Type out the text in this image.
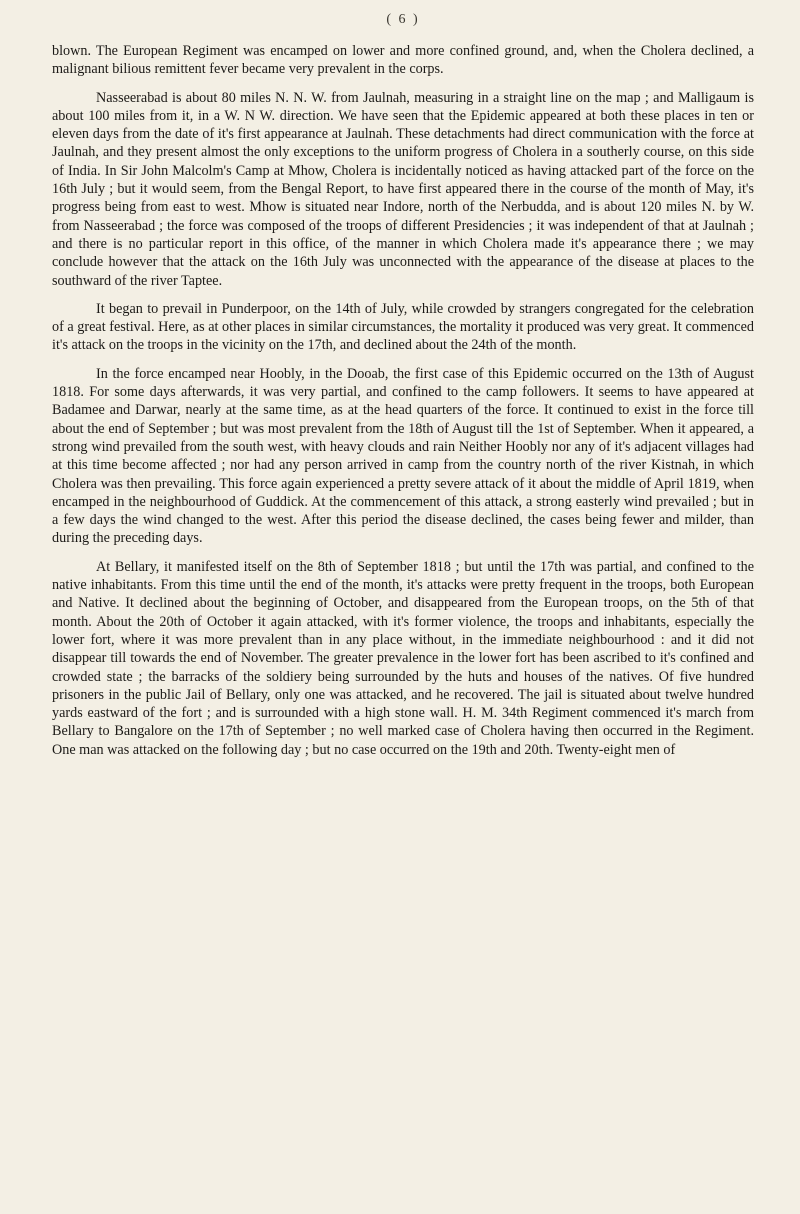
( 6 )

blown. The European Regiment was encamped on lower and more confined ground, and, when the Cholera declined, a malignant bilious remittent fever became very prevalent in the corps.

Nasseerabad is about 80 miles N. N. W. from Jaulnah, measuring in a straight line on the map ; and Malligaum is about 100 miles from it, in a W. N W. direction. We have seen that the Epidemic appeared at both these places in ten or eleven days from the date of it's first appearance at Jaulnah. These detachments had direct communication with the force at Jaulnah, and they present almost the only exceptions to the uniform progress of Cholera in a southerly course, on this side of India. In Sir John Malcolm's Camp at Mhow, Cholera is incidentally noticed as having attacked part of the force on the 16th July ; but it would seem, from the Bengal Report, to have first appeared there in the course of the month of May, it's progress being from east to west. Mhow is situated near Indore, north of the Nerbudda, and is about 120 miles N. by W. from Nasseerabad ; the force was composed of the troops of different Presidencies ; it was independent of that at Jaulnah ; and there is no particular report in this office, of the manner in which Cholera made it's appearance there ; we may conclude however that the attack on the 16th July was unconnected with the appearance of the disease at places to the southward of the river Taptee.

It began to prevail in Punderpoor, on the 14th of July, while crowded by strangers congregated for the celebration of a great festival. Here, as at other places in similar circumstances, the mortality it produced was very great. It commenced it's attack on the troops in the vicinity on the 17th, and declined about the 24th of the month.

In the force encamped near Hoobly, in the Dooab, the first case of this Epidemic occurred on the 13th of August 1818. For some days afterwards, it was very partial, and confined to the camp followers. It seems to have appeared at Badamee and Darwar, nearly at the same time, as at the head quarters of the force. It continued to exist in the force till about the end of September ; but was most prevalent from the 18th of August till the 1st of September. When it appeared, a strong wind prevailed from the south west, with heavy clouds and rain Neither Hoobly nor any of it's adjacent villages had at this time become affected ; nor had any person arrived in camp from the country north of the river Kistnah, in which Cholera was then prevailing. This force again experienced a pretty severe attack of it about the middle of April 1819, when encamped in the neighbourhood of Guddick. At the commencement of this attack, a strong easterly wind prevailed ; but in a few days the wind changed to the west. After this period the disease declined, the cases being fewer and milder, than during the preceding days.

At Bellary, it manifested itself on the 8th of September 1818 ; but until the 17th was partial, and confined to the native inhabitants. From this time until the end of the month, it's attacks were pretty frequent in the troops, both European and Native. It declined about the beginning of October, and disappeared from the European troops, on the 5th of that month. About the 20th of October it again attacked, with it's former violence, the troops and inhabitants, especially the lower fort, where it was more prevalent than in any place without, in the immediate neighbourhood : and it did not disappear till towards the end of November. The greater prevalence in the lower fort has been ascribed to it's confined and crowded state ; the barracks of the soldiery being surrounded by the huts and houses of the natives. Of five hundred prisoners in the public Jail of Bellary, only one was attacked, and he recovered. The jail is situated about twelve hundred yards eastward of the fort ; and is surrounded with a high stone wall. H. M. 34th Regiment commenced it's march from Bellary to Bangalore on the 17th of September ; no well marked case of Cholera having then occurred in the Regiment. One man was attacked on the following day ; but no case occurred on the 19th and 20th. Twenty-eight men of
